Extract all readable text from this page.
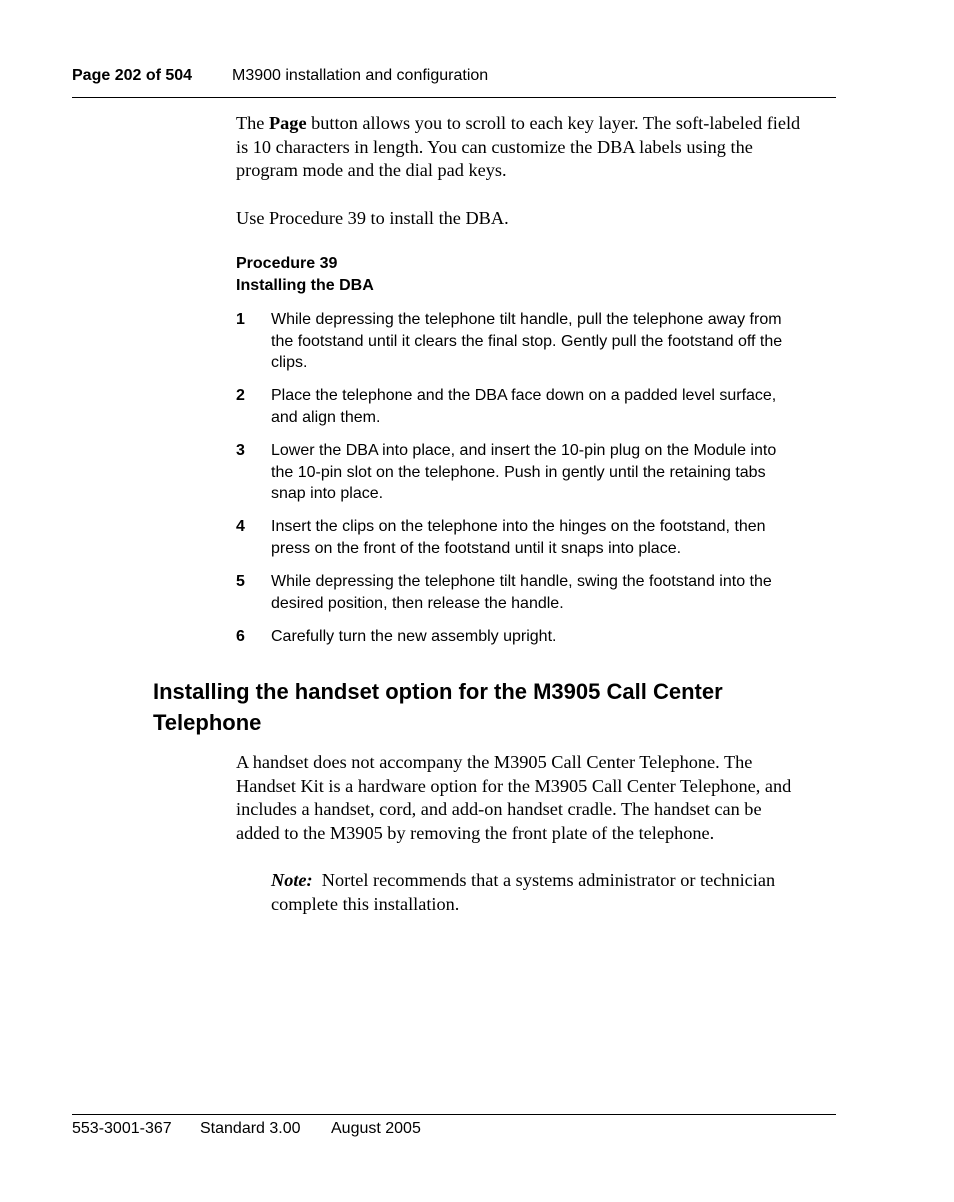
Page 202 of 504 M3900 installation and configuration
The Page button allows you to scroll to each key layer. The soft-labeled field
is 10 characters in length. You can customize the DBA labels using the
program mode and the dial pad keys.
Use Procedure 39 to install the DBA.
Procedure 39
Installing the DBA
1 While depressing the telephone tilt handle, pull the telephone away from
the footstand until it clears the final stop. Gently pull the footstand off the
clips.
2 Place the telephone and the DBA face down on a padded level surface,
and align them.
3 Lower the DBA into place, and insert the 10-pin plug on the Module into
the 10-pin slot on the telephone. Push in gently until the retaining tabs
snap into place.
4 Insert the clips on the telephone into the hinges on the footstand, then
press on the front of the footstand until it snaps into place.
5 While depressing the telephone tilt handle, swing the footstand into the
desired position, then release the handle.
6 Carefully turn the new assembly upright.
Installing the handset option for the M3905 Call Center
Telephone
A handset does not accompany the M3905 Call Center Telephone. The
Handset Kit is a hardware option for the M3905 Call Center Telephone, and
includes a handset, cord, and add-on handset cradle. The handset can be
added to the M3905 by removing the front plate of the telephone.
Note: Nortel recommends that a systems administrator or technician
complete this installation.
553-3001-367 Standard 3.00 August 2005
